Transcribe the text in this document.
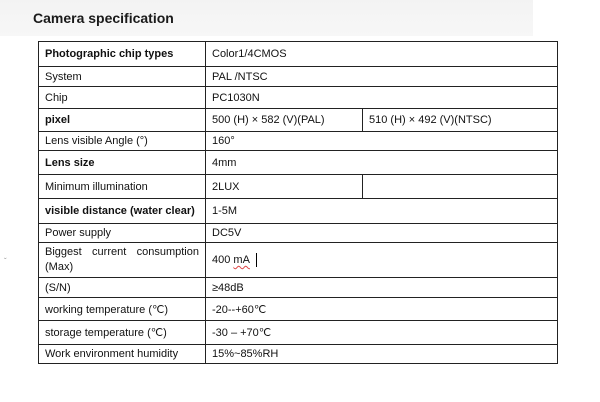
Camera specification
ˇ
Photographic chip types	Color1/4CMOS	
System	PAL /NTSC	
Chip	PC1030N	
pixel	500 (H) × 582 (V)(PAL)	510 (H) × 492 (V)(NTSC)
Lens visible Angle (°)	160°	
Lens size	4mm	
Minimum illumination	2LUX	
visible distance (water clear)	1-5M	
Power supply	DC5V	

Biggest current consumption
(Max)	400 mA	
(S/N)	≥48dB	
working temperature (℃)	-20--+60℃	
storage temperature (℃)	-30 – +70℃	
Work environment humidity	15%~85%RH	
